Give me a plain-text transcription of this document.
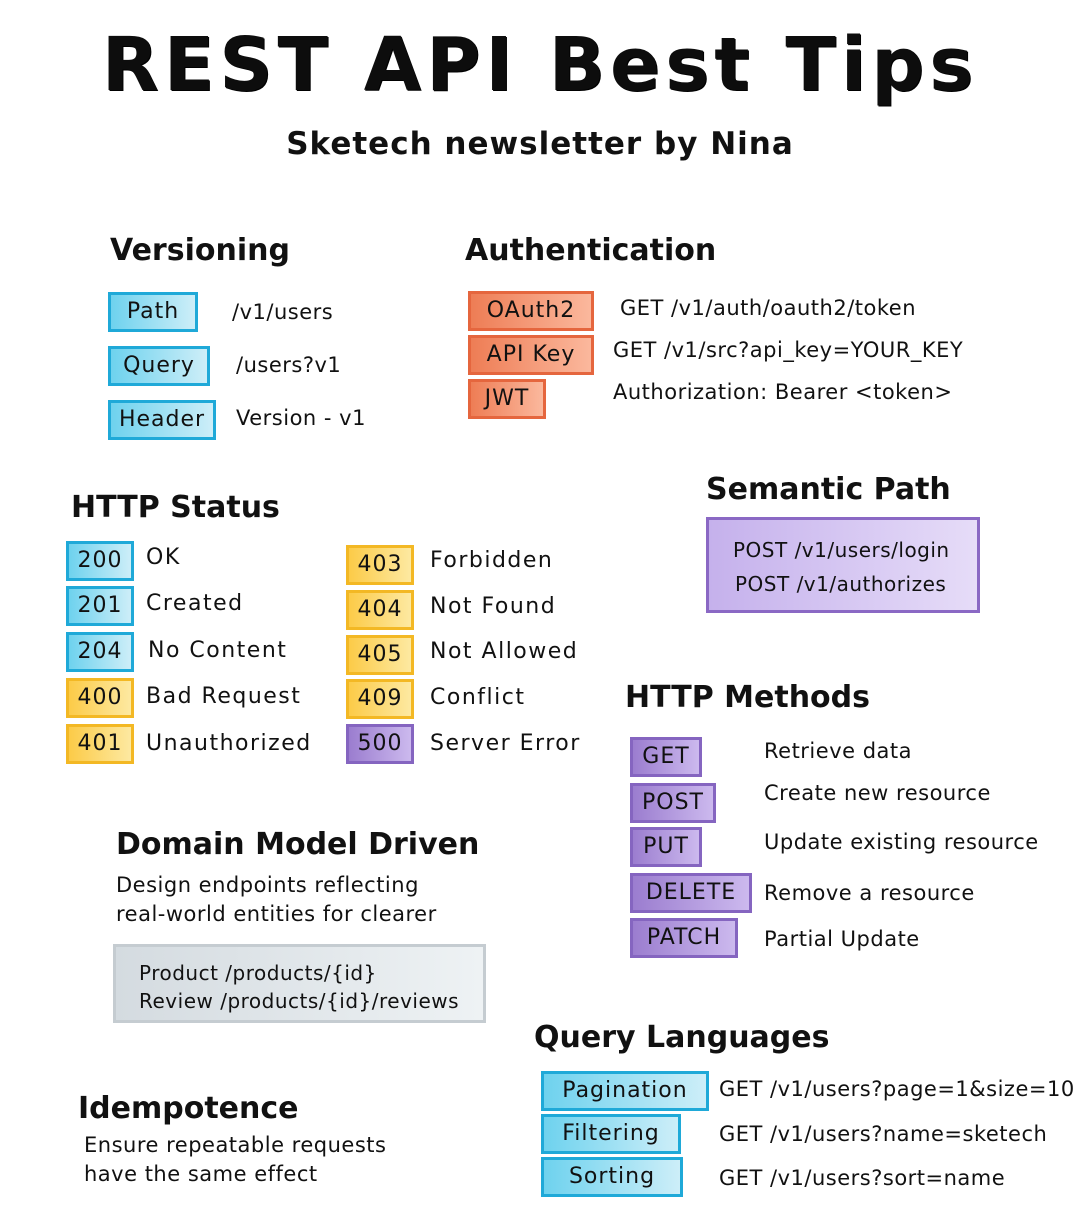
REST API Best Tips
Sketech newsletter by Nina
Versioning
Path	/v1/users
Query	/users?v1
Header	Version - v1
Authentication
OAuth2	GET /v1/auth/oauth2/token
API Key	GET /v1/src?api_key=YOUR_KEY
JWT	Authorization: Bearer <token>
HTTP Status
200	OK
201	Created
204	No Content
400	Bad Request
401	Unauthorized
403	Forbidden
404	Not Found
405	Not Allowed
409	Conflict
500	Server Error
Semantic Path
POST /v1/users/login
POST /v1/authorizes
HTTP Methods
GET	Retrieve data
POST	Create new resource
PUT	Update existing resource
DELETE	Remove a resource
PATCH	Partial Update
Domain Model Driven
Design endpoints reflecting
real-world entities for clearer
Product /products/{id}
Review /products/{id}/reviews
Query Languages
Pagination	GET /v1/users?page=1&size=10
Filtering	GET /v1/users?name=sketech
Sorting	GET /v1/users?sort=name
Idempotence
Ensure repeatable requests
have the same effect
